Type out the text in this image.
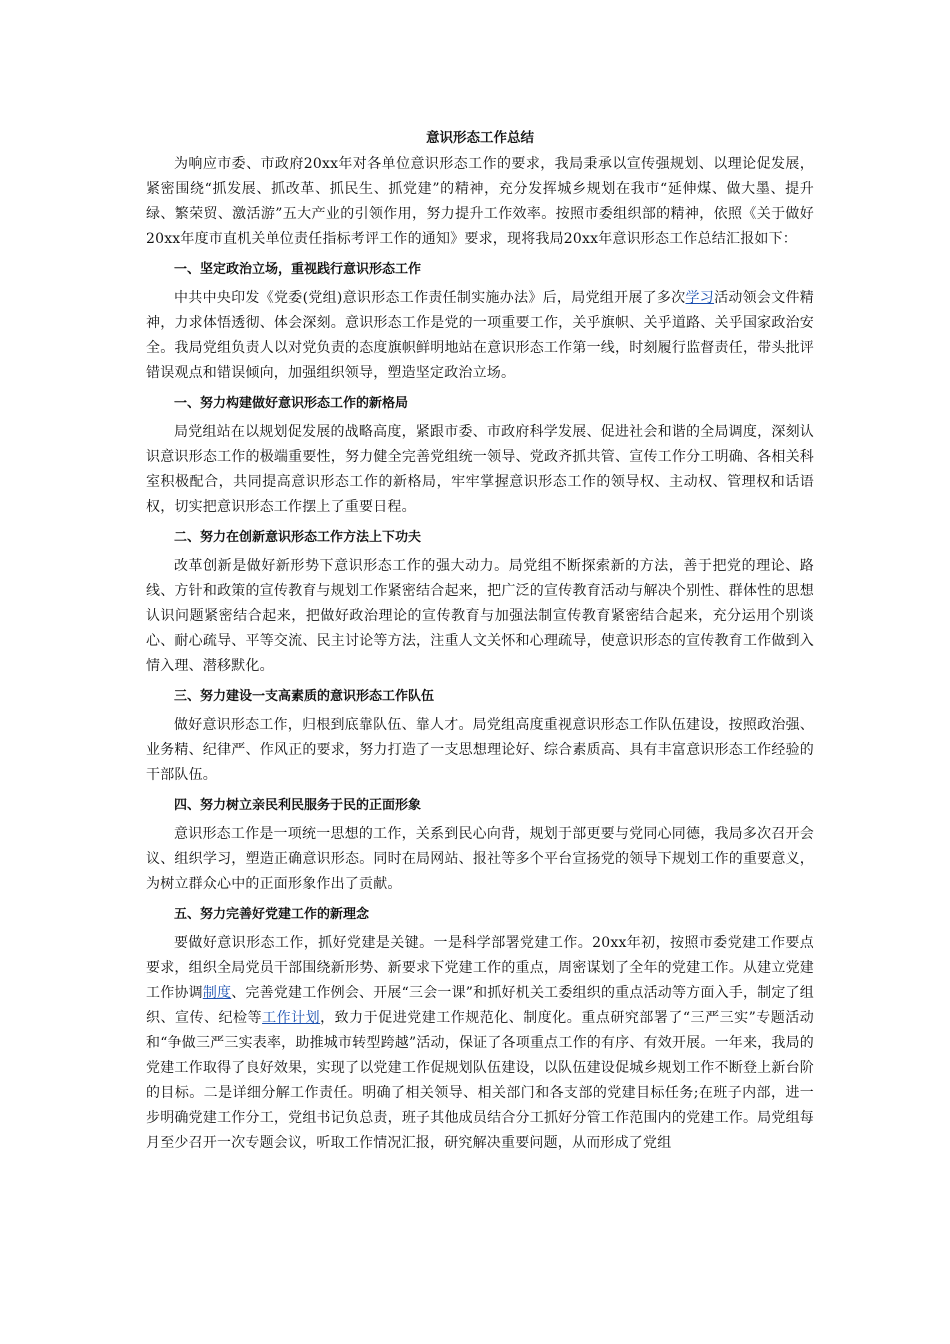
意识形态工作总结

为响应市委、市政府20xx年对各单位意识形态工作的要求，我局秉承以宣传强规划、以理论促发展，紧密围绕“抓发展、抓改革、抓民生、抓党建”的精神，充分发挥城乡规划在我市“延伸煤、做大墨、提升绿、繁荣贸、激活游”五大产业的引领作用，努力提升工作效率。按照市委组织部的精神，依照《关于做好20xx年度市直机关单位责任指标考评工作的通知》要求，现将我局20xx年意识形态工作总结汇报如下：

一、坚定政治立场，重视践行意识形态工作

中共中央印发《党委(党组)意识形态工作责任制实施办法》后，局党组开展了多次学习活动领会文件精神，力求体悟透彻、体会深刻。意识形态工作是党的一项重要工作，关乎旗帜、关乎道路、关乎国家政治安全。我局党组负责人以对党负责的态度旗帜鲜明地站在意识形态工作第一线，时刻履行监督责任，带头批评错误观点和错误倾向，加强组织领导，塑造坚定政治立场。

一、努力构建做好意识形态工作的新格局

局党组站在以规划促发展的战略高度，紧跟市委、市政府科学发展、促进社会和谐的全局调度，深刻认识意识形态工作的极端重要性，努力健全完善党组统一领导、党政齐抓共管、宣传工作分工明确、各相关科室积极配合，共同提高意识形态工作的新格局，牢牢掌握意识形态工作的领导权、主动权、管理权和话语权，切实把意识形态工作摆上了重要日程。

二、努力在创新意识形态工作方法上下功夫

改革创新是做好新形势下意识形态工作的强大动力。局党组不断探索新的方法，善于把党的理论、路线、方针和政策的宣传教育与规划工作紧密结合起来，把广泛的宣传教育活动与解决个别性、群体性的思想认识问题紧密结合起来，把做好政治理论的宣传教育与加强法制宣传教育紧密结合起来，充分运用个别谈心、耐心疏导、平等交流、民主讨论等方法，注重人文关怀和心理疏导，使意识形态的宣传教育工作做到入情入理、潜移默化。

三、努力建设一支高素质的意识形态工作队伍

做好意识形态工作，归根到底靠队伍、靠人才。局党组高度重视意识形态工作队伍建设，按照政治强、业务精、纪律严、作风正的要求，努力打造了一支思想理论好、综合素质高、具有丰富意识形态工作经验的干部队伍。

四、努力树立亲民利民服务于民的正面形象

意识形态工作是一项统一思想的工作，关系到民心向背，规划于部更要与党同心同德，我局多次召开会议、组织学习，塑造正确意识形态。同时在局网站、报社等多个平台宣扬党的领导下规划工作的重要意义，为树立群众心中的正面形象作出了贡献。

五、努力完善好党建工作的新理念

要做好意识形态工作，抓好党建是关键。一是科学部署党建工作。20xx年初，按照市委党建工作要点要求，组织全局党员干部围绕新形势、新要求下党建工作的重点，周密谋划了全年的党建工作。从建立党建工作协调制度、完善党建工作例会、开展“三会一课”和抓好机关工委组织的重点活动等方面入手，制定了组织、宣传、纪检等工作计划，致力于促进党建工作规范化、制度化。重点研究部署了“三严三实”专题活动和“争做三严三实表率，助推城市转型跨越”活动，保证了各项重点工作的有序、有效开展。一年来，我局的党建工作取得了良好效果，实现了以党建工作促规划队伍建设，以队伍建设促城乡规划工作不断登上新台阶的目标。二是详细分解工作责任。明确了相关领导、相关部门和各支部的党建目标任务;在班子内部，进一步明确党建工作分工，党组书记负总责，班子其他成员结合分工抓好分管工作范围内的党建工作。局党组每月至少召开一次专题会议，听取工作情况汇报，研究解决重要问题，从而形成了党组
